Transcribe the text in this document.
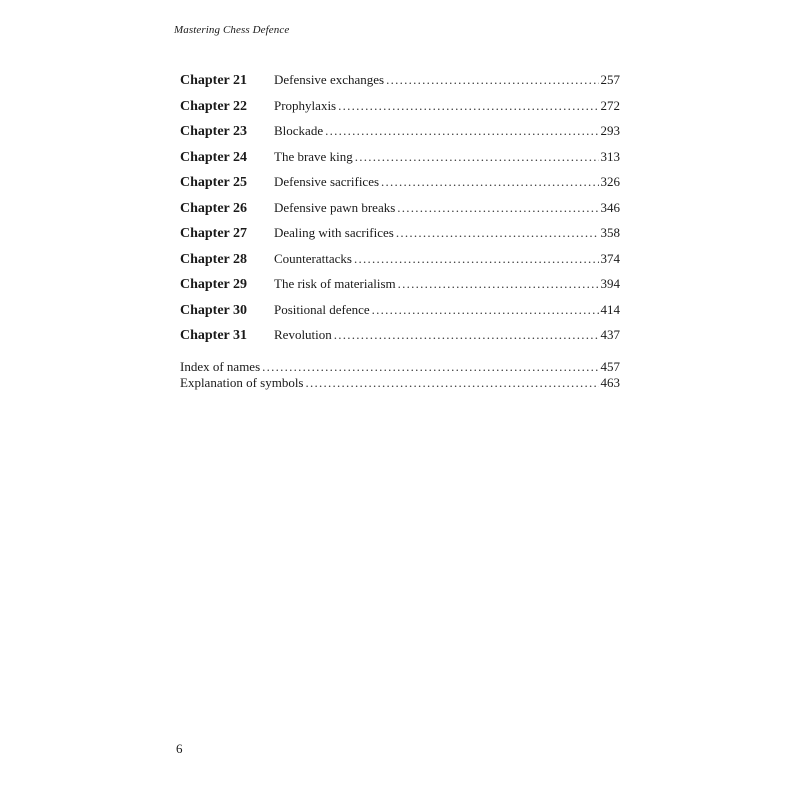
Mastering Chess Defence
Chapter 21	Defensive exchanges . . .	257
Chapter 22	Prophylaxis . . .	272
Chapter 23	Blockade . . .	293
Chapter 24	The brave king . . .	313
Chapter 25	Defensive sacrifices . . .	326
Chapter 26	Defensive pawn breaks . . .	346
Chapter 27	Dealing with sacrifices . . .	358
Chapter 28	Counterattacks . . .	374
Chapter 29	The risk of materialism . . .	394
Chapter 30	Positional defence . . .	414
Chapter 31	Revolution . . .	437
Index of names . . .	457
Explanation of symbols . . .	463
6
